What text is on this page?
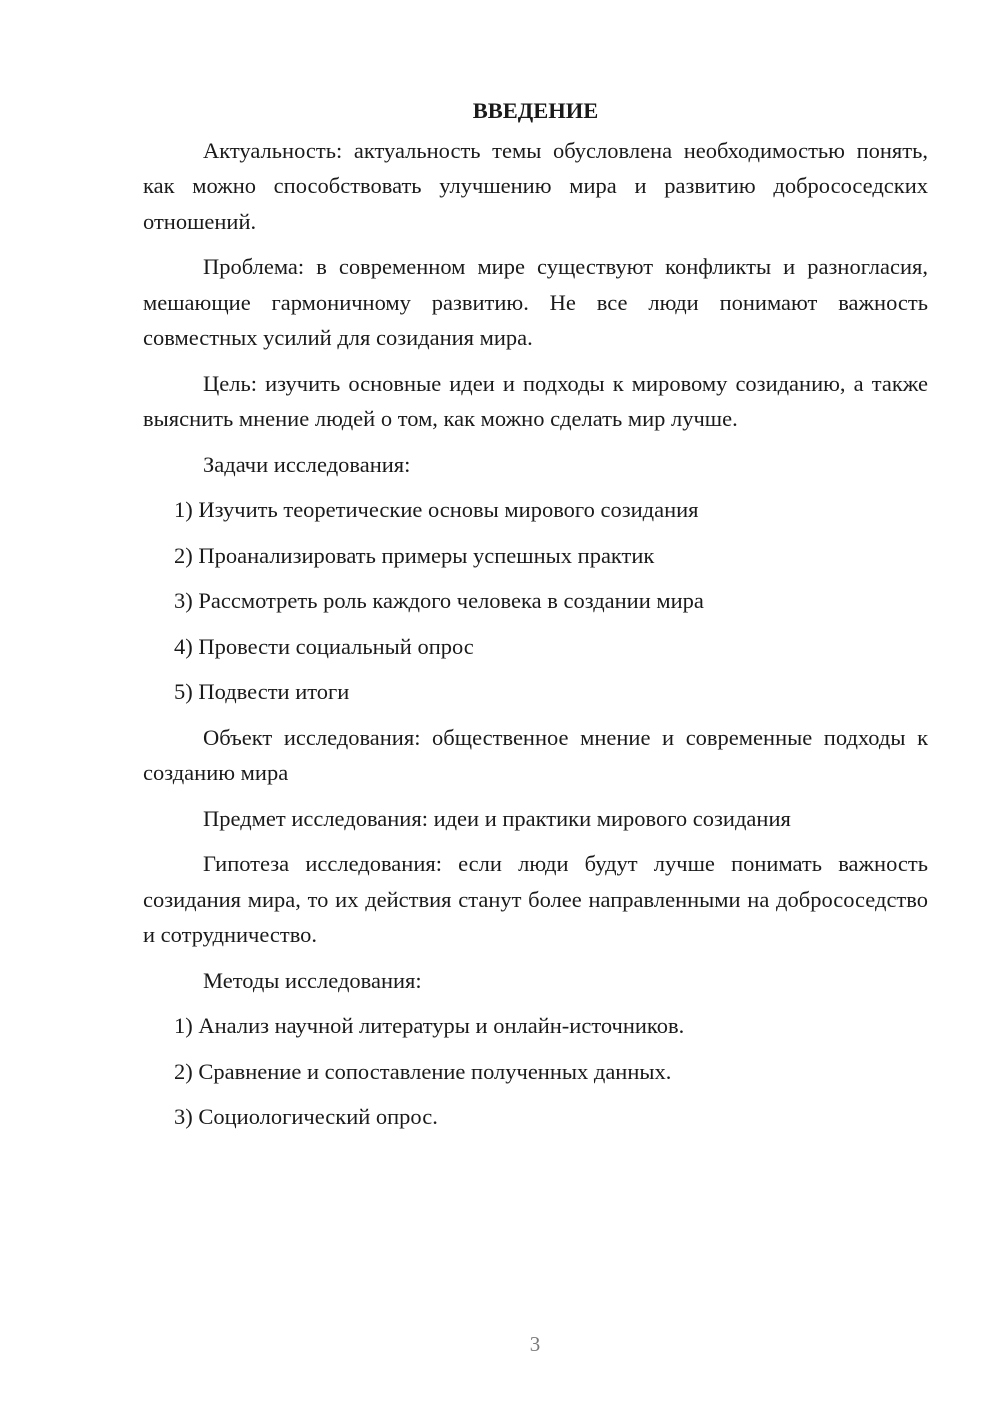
ВВЕДЕНИЕ

Актуальность: актуальность темы обусловлена необходимостью понять, как можно способствовать улучшению мира и развитию добрососедских отношений.

Проблема: в современном мире существуют конфликты и разногласия, мешающие гармоничному развитию. Не все люди понимают важность совместных усилий для созидания мира.

Цель: изучить основные идеи и подходы к мировому созиданию, а также выяснить мнение людей о том, как можно сделать мир лучше.

Задачи исследования:

1) Изучить теоретические основы мирового созидания
2) Проанализировать примеры успешных практик
3) Рассмотреть роль каждого человека в создании мира
4) Провести социальный опрос
5) Подвести итоги

Объект исследования: общественное мнение и современные подходы к созданию мира

Предмет исследования: идеи и практики мирового созидания

Гипотеза исследования: если люди будут лучше понимать важность созидания мира, то их действия станут более направленными на добрососедство и сотрудничество.

Методы исследования:

1) Анализ научной литературы и онлайн-источников.
2) Сравнение и сопоставление полученных данных.
3) Социологический опрос.
3
